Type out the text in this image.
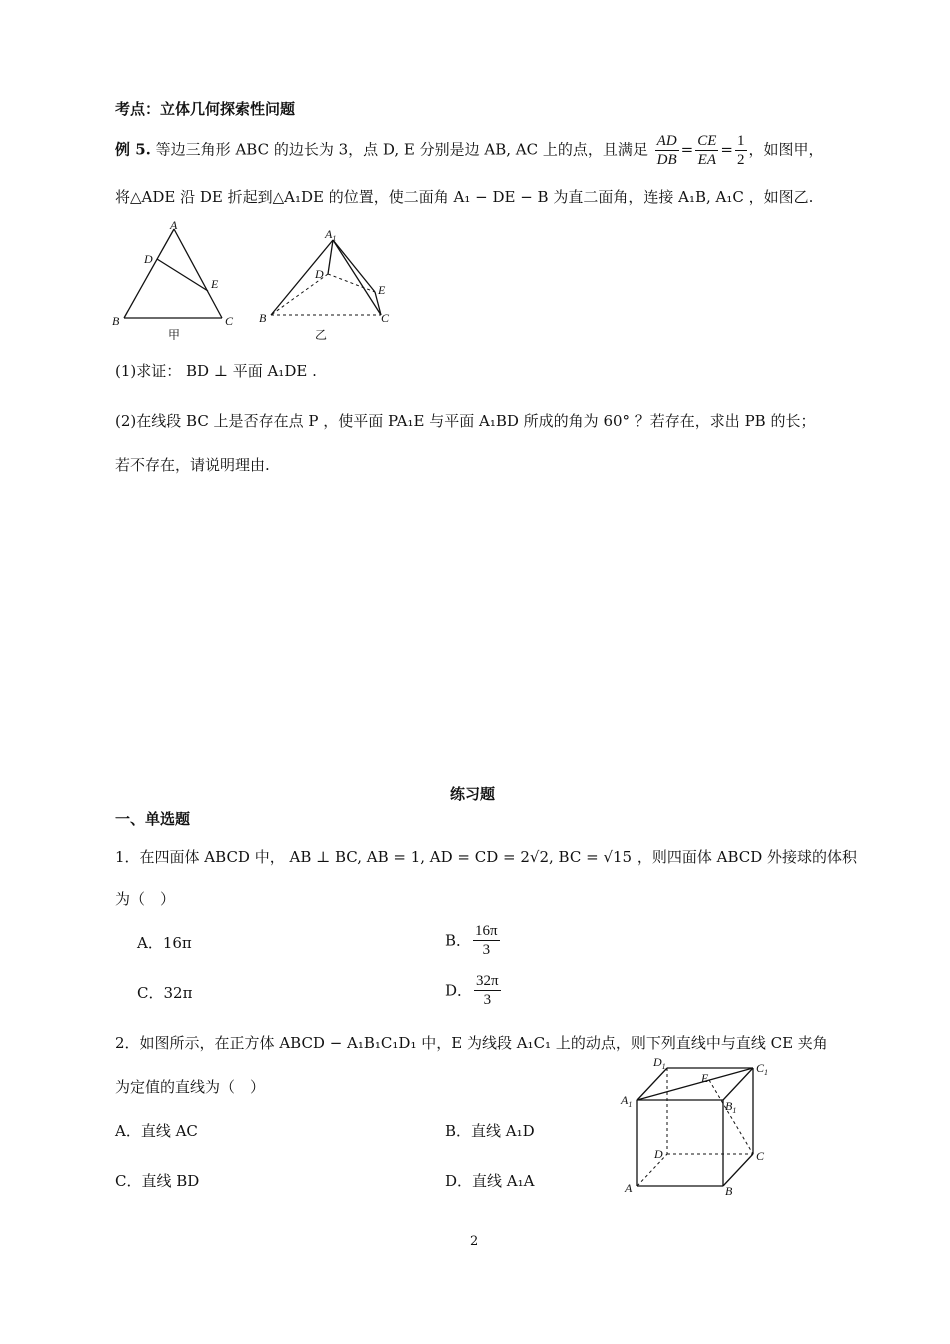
考点：立体几何探索性问题
例 5. 等边三角形 ABC 的边长为 3，点 D, E 分别是边 AB, AC 上的点，且满足 $\frac{AD}{DB} = \frac{CE}{EA} = \frac{1}{2}$ ，如图甲，
将△ADE 沿 DE 折起到△A₁DE 的位置，使二面角 A₁ − DE − B 为直二面角，连接 A₁B, A₁C ，如图乙.
A
D
E
B	C
甲
$A_1$
D
E
B	C
乙
(1)求证： BD ⊥ 平面 A₁DE .
(2)在线段 BC 上是否存在点 P ，使平面 PA₁E 与平面 A₁BD 所成的角为 60° ？若存在，求出 PB 的长；
若不存在，请说明理由.
练习题
一、单选题
1．在四面体 ABCD 中， AB ⊥ BC, AB = 1, AD = CD = 2√2, BC = √15 ，则四面体 ABCD 外接球的体积
为（　）
A．16π	B． $\frac{16\pi}{3}$
C．32π	D． $\frac{32\pi}{3}$
2．如图所示，在正方体 ABCD − A₁B₁C₁D₁ 中，E 为线段 A₁C₁ 上的动点，则下列直线中与直线 CE 夹角
为定值的直线为（　）
A．直线 AC	B．直线 A₁D
C．直线 BD	D．直线 A₁A
$D_1$
E
$C_1$
$A_1$	$B_1$
D	C
A	B
2
